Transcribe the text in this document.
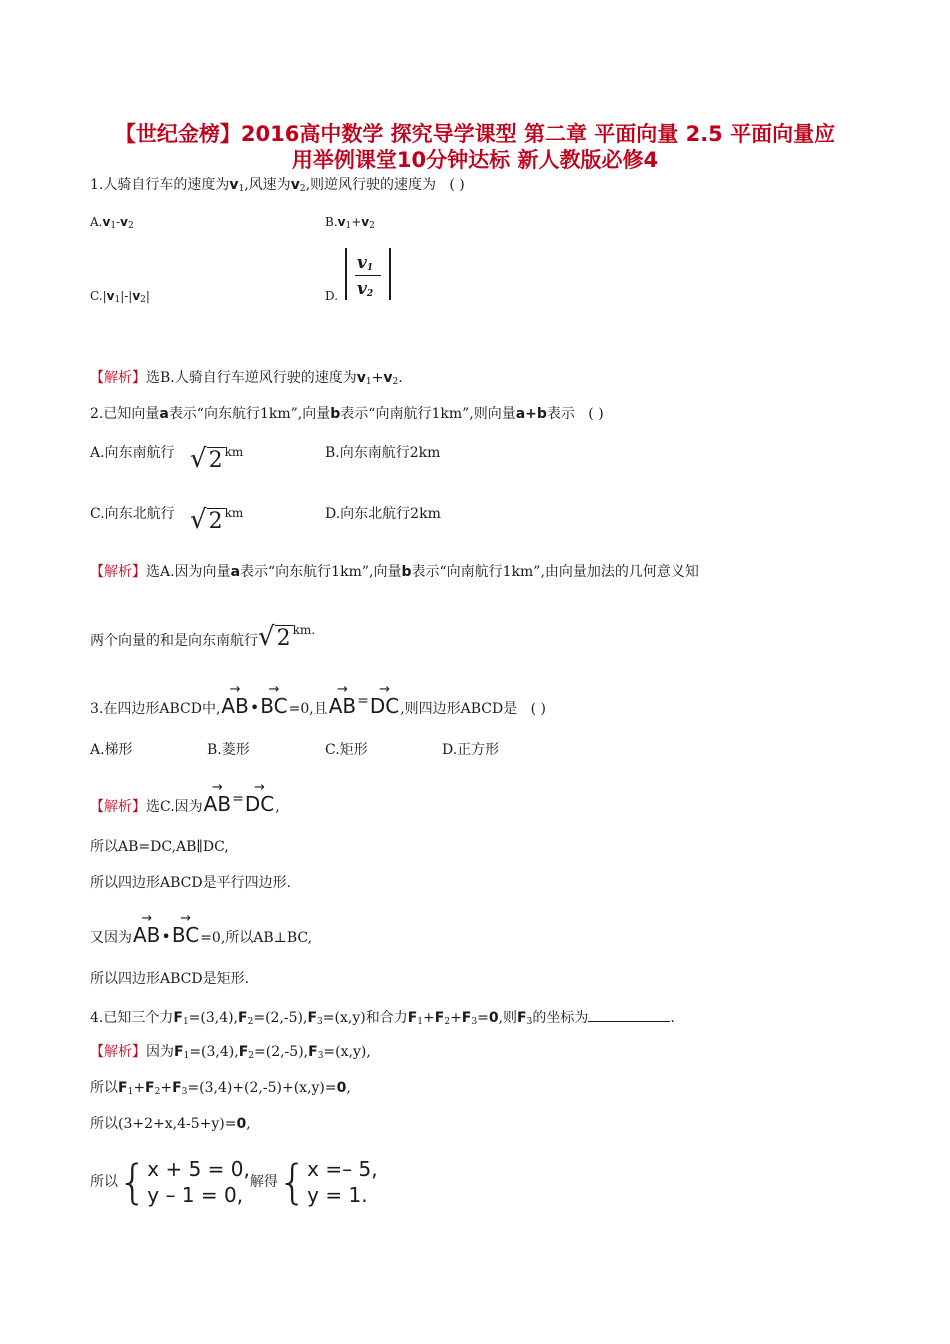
【世纪金榜】2016高中数学 探究导学课型 第二章 平面向量 2.5 平面向量应
用举例课堂10分钟达标 新人教版必修4
1.人骑自行车的速度为$v_1$,风速为$v_2$,则逆风行驶的速度为 ( )
$A.v_1-v_2$	$B.v_1+v_2$
$C.|v_1|-|v_2|$	D.
$v_1$
$v_2$
【解析】选B.人骑自行车逆风行驶的速度为$v_1+v_2$.
2.已知向量a表示“向东航行1km”,向量b表示“向南航行1km”,则向量a+b表示 ( )
A.向东南航行 √2 km	B.向东南航行2km
C.向东北航行 √2 km	D.向东北航行2km
【解析】选A.因为向量a表示“向东航行1km”,向量b表示“向南航行1km”,由向量加法的几何意义知
两个向量的和是向东南航行√2 km.
3.在四边形ABCD中,
→
AB•
→
BC=0,且
→
AB=
→
DC,则四边形ABCD是 ( )
A.梯形	B.菱形	C.矩形	D.正方形
【解析】选C.因为
→
AB=
→
DC,
所以AB=DC,AB∥DC,
所以四边形ABCD是平行四边形.
又因为
→
AB•
→
BC=0,所以AB⊥BC,
所以四边形ABCD是矩形.
4.已知三个力$F_1=(3,4),F_2=(2,-5),F_3=(x,y)$和合力$F_1+F_2+F_3=0$,则$F_3$的坐标为	.
【解析】因为$F_1=(3,4),F_2=(2,-5),F_3=(x,y)$,
所以$F_1+F_2+F_3=(3,4)+(2,-5)+(x,y)=0$,
所以(3+2+x,4-5+y)=0,
所以{x + 5 = 0,
y – 1 = 0,解得{x =– 5,
y = 1.
